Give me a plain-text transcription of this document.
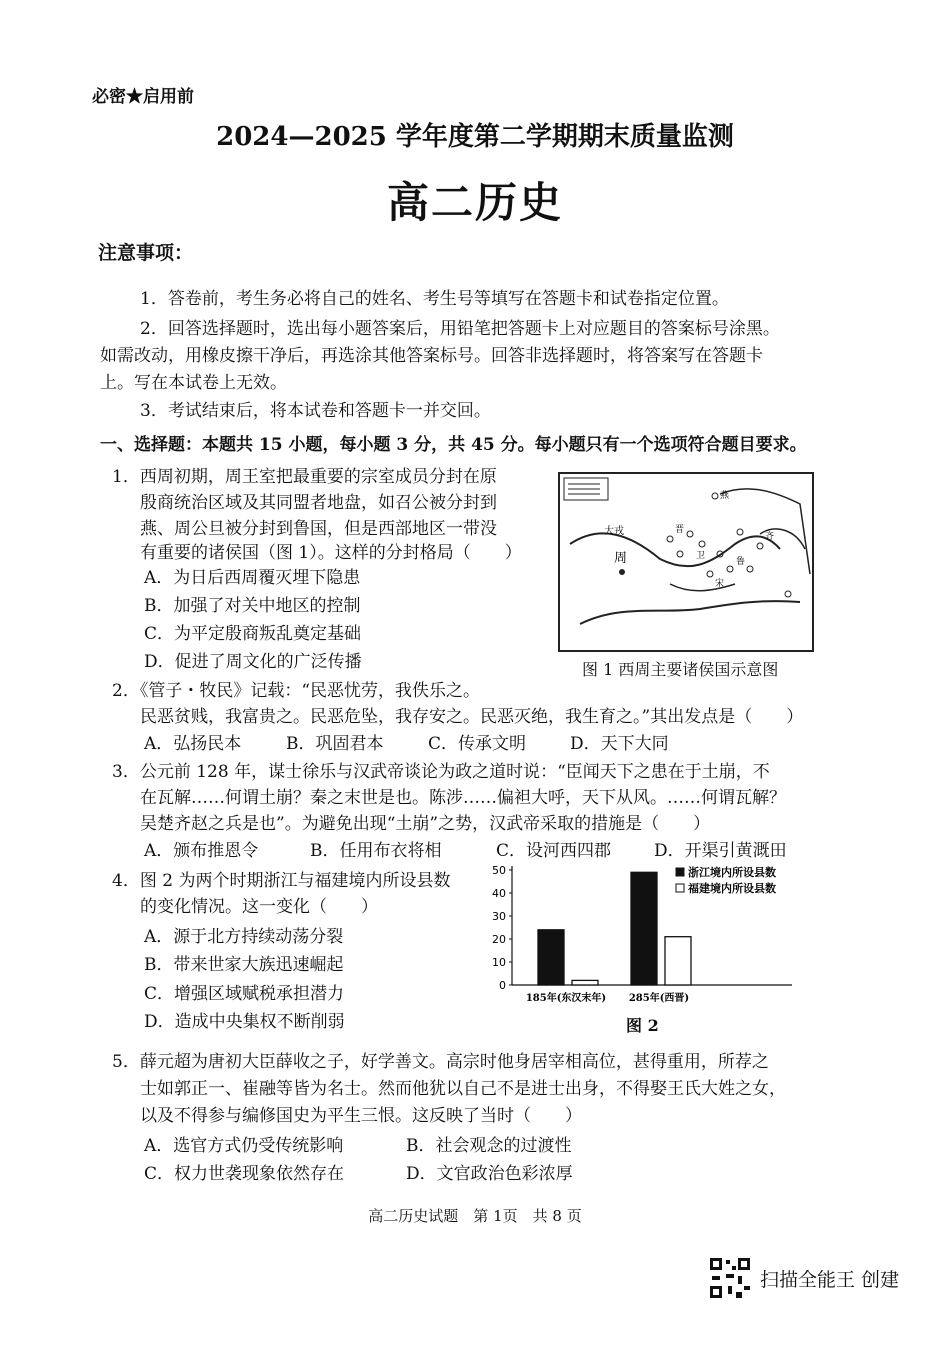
必密★启用前
2024—2025 学年度第二学期期末质量监测
高二历史
注意事项：
1．答卷前，考生务必将自己的姓名、考生号等填写在答题卡和试卷指定位置。
2．回答选择题时，选出每小题答案后，用铅笔把答题卡上对应题目的答案标号涂黑。
如需改动，用橡皮擦干净后，再选涂其他答案标号。回答非选择题时，将答案写在答题卡
上。写在本试卷上无效。
3．考试结束后，将本试卷和答题卡一并交回。
一、选择题：本题共 15 小题，每小题 3 分，共 45 分。每小题只有一个选项符合题目要求。
1．西周初期，周王室把最重要的宗室成员分封在原
殷商统治区域及其同盟者地盘，如召公被分封到
燕、周公旦被分封到鲁国，但是西部地区一带没
有重要的诸侯国（图 1）。这样的分封格局（　　）
A．为日后西周覆灭埋下隐患
B．加强了对关中地区的控制
C．为平定殷商叛乱奠定基础
D．促进了周文化的广泛传播
大戎
周
燕
齐
鲁
宋
晋
卫
图 1 西周主要诸侯国示意图
2．《管子・牧民》记载：“民恶忧劳，我佚乐之。
民恶贫贱，我富贵之。民恶危坠，我存安之。民恶灭绝，我生育之。”其出发点是（　　）
A．弘扬民本	B．巩固君本	C．传承文明	D．天下大同
3．公元前 128 年，谋士徐乐与汉武帝谈论为政之道时说：“臣闻天下之患在于土崩，不
在瓦解……何谓土崩？秦之末世是也。陈涉……偏袒大呼，天下从风。……何谓瓦解？
吴楚齐赵之兵是也”。为避免出现“土崩”之势，汉武帝采取的措施是（　　）
A．颁布推恩令	B．任用布衣将相	C．设河西四郡	D．开渠引黄溉田
4．图 2 为两个时期浙江与福建境内所设县数
的变化情况。这一变化（　　）
A．源于北方持续动荡分裂
B．带来世家大族迅速崛起
C．增强区域赋税承担潜力
D．造成中央集权不断削弱
0
10
20
30
40
50	浙江境内所设县数
福建境内所设县数
185年(东汉末年) 285年(西晋)
图 2
5．薛元超为唐初大臣薛收之子，好学善文。高宗时他身居宰相高位，甚得重用，所荐之
士如郭正一、崔融等皆为名士。然而他犹以自己不是进士出身，不得娶王氏大姓之女，
以及不得参与编修国史为平生三恨。这反映了当时（　　）
A．选官方式仍受传统影响	B．社会观念的过渡性
C．权力世袭现象依然存在	D．文官政治色彩浓厚
高二历史试题　第 1页　共 8 页
扫描全能王 创建
